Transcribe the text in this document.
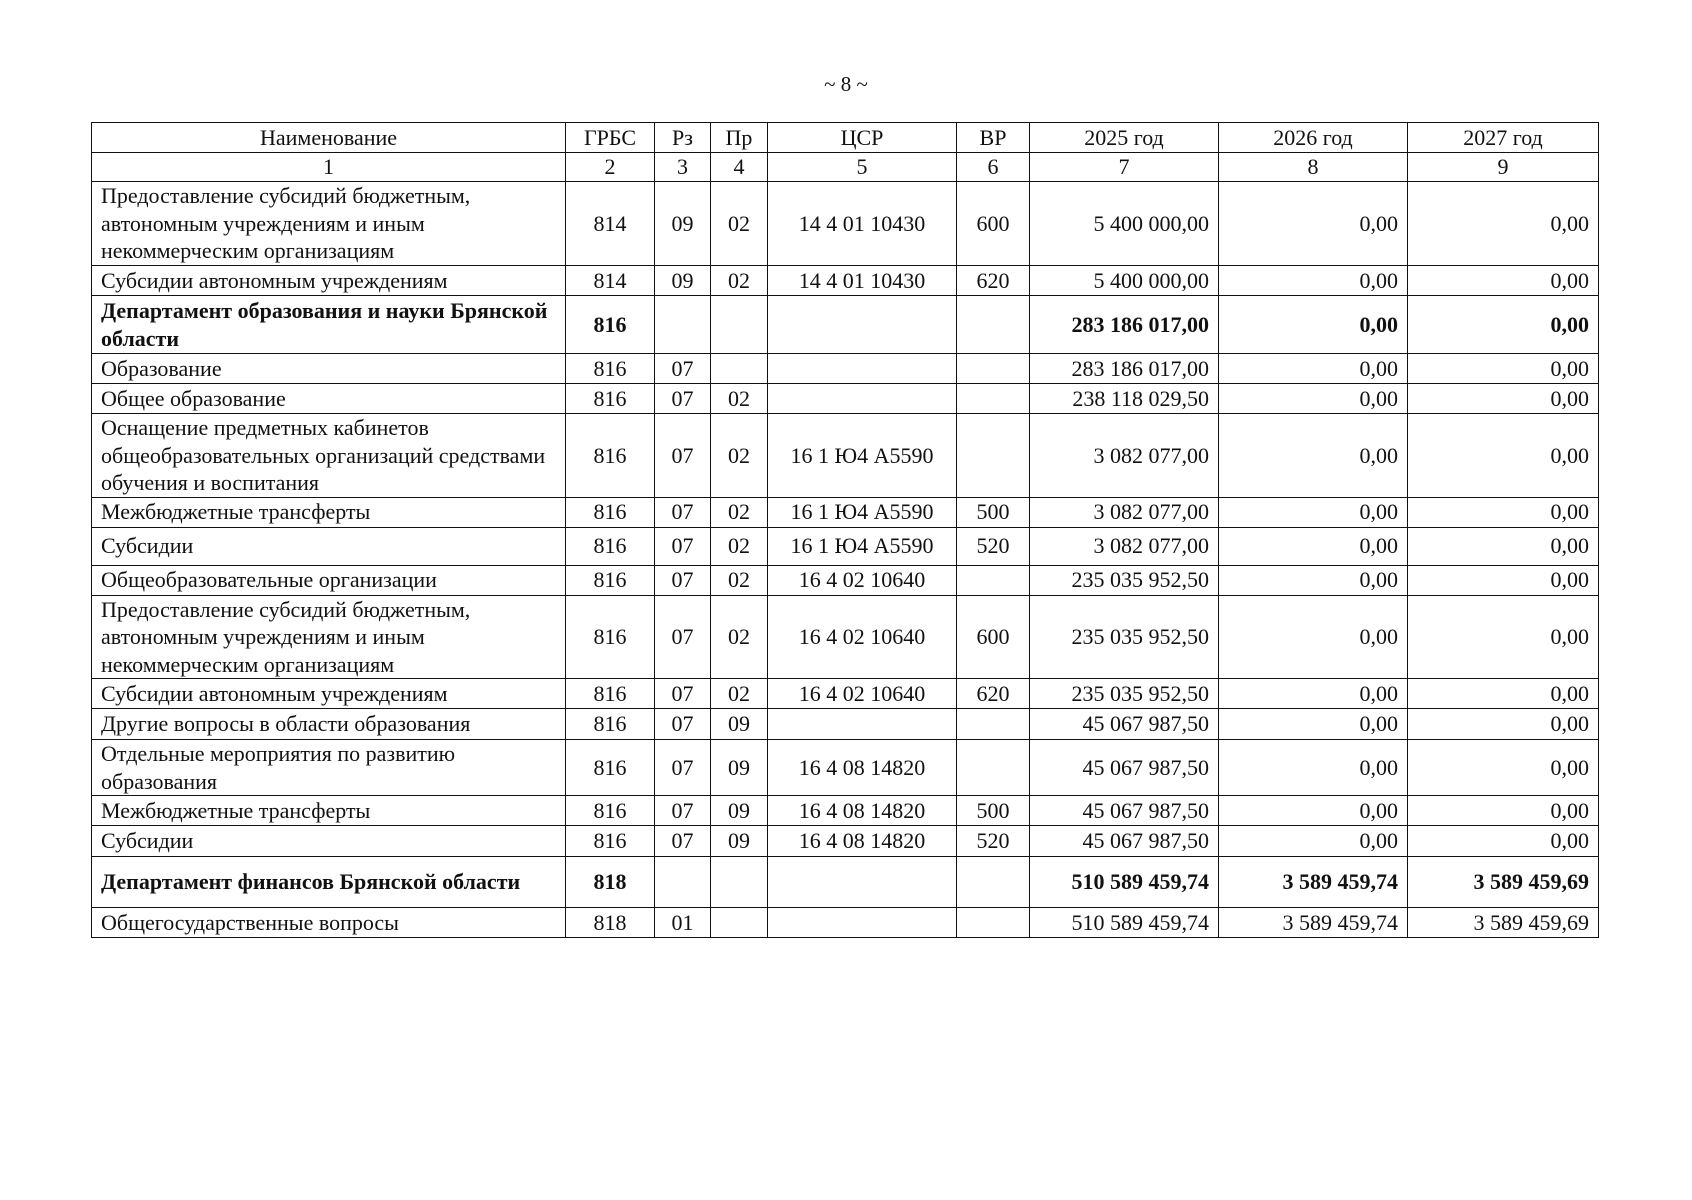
~ 8 ~
Наименование	ГРБС	Рз	Пр	ЦСР	ВР	2025 год	2026 год	2027 год
1	2	3	4	5	6	7	8	9
Предоставление субсидий бюджетным, автономным учреждениям и иным некоммерческим организациям	814	09	02	14 4 01 10430	600	5 400 000,00	0,00	0,00
Субсидии автономным учреждениям	814	09	02	14 4 01 10430	620	5 400 000,00	0,00	0,00
Департамент образования и науки Брянской области	816					283 186 017,00	0,00	0,00
Образование	816	07				283 186 017,00	0,00	0,00
Общее образование	816	07	02			238 118 029,50	0,00	0,00
Оснащение предметных кабинетов общеобразовательных организаций средствами обучения и воспитания	816	07	02	16 1 Ю4 А5590		3 082 077,00	0,00	0,00
Межбюджетные трансферты	816	07	02	16 1 Ю4 А5590	500	3 082 077,00	0,00	0,00
Субсидии	816	07	02	16 1 Ю4 А5590	520	3 082 077,00	0,00	0,00
Общеобразовательные организации	816	07	02	16 4 02 10640		235 035 952,50	0,00	0,00
Предоставление субсидий бюджетным, автономным учреждениям и иным некоммерческим организациям	816	07	02	16 4 02 10640	600	235 035 952,50	0,00	0,00
Субсидии автономным учреждениям	816	07	02	16 4 02 10640	620	235 035 952,50	0,00	0,00
Другие вопросы в области образования	816	07	09			45 067 987,50	0,00	0,00
Отдельные мероприятия по развитию образования	816	07	09	16 4 08 14820		45 067 987,50	0,00	0,00
Межбюджетные трансферты	816	07	09	16 4 08 14820	500	45 067 987,50	0,00	0,00
Субсидии	816	07	09	16 4 08 14820	520	45 067 987,50	0,00	0,00
Департамент финансов Брянской области	818					510 589 459,74	3 589 459,74	3 589 459,69
Общегосударственные вопросы	818	01				510 589 459,74	3 589 459,74	3 589 459,69
